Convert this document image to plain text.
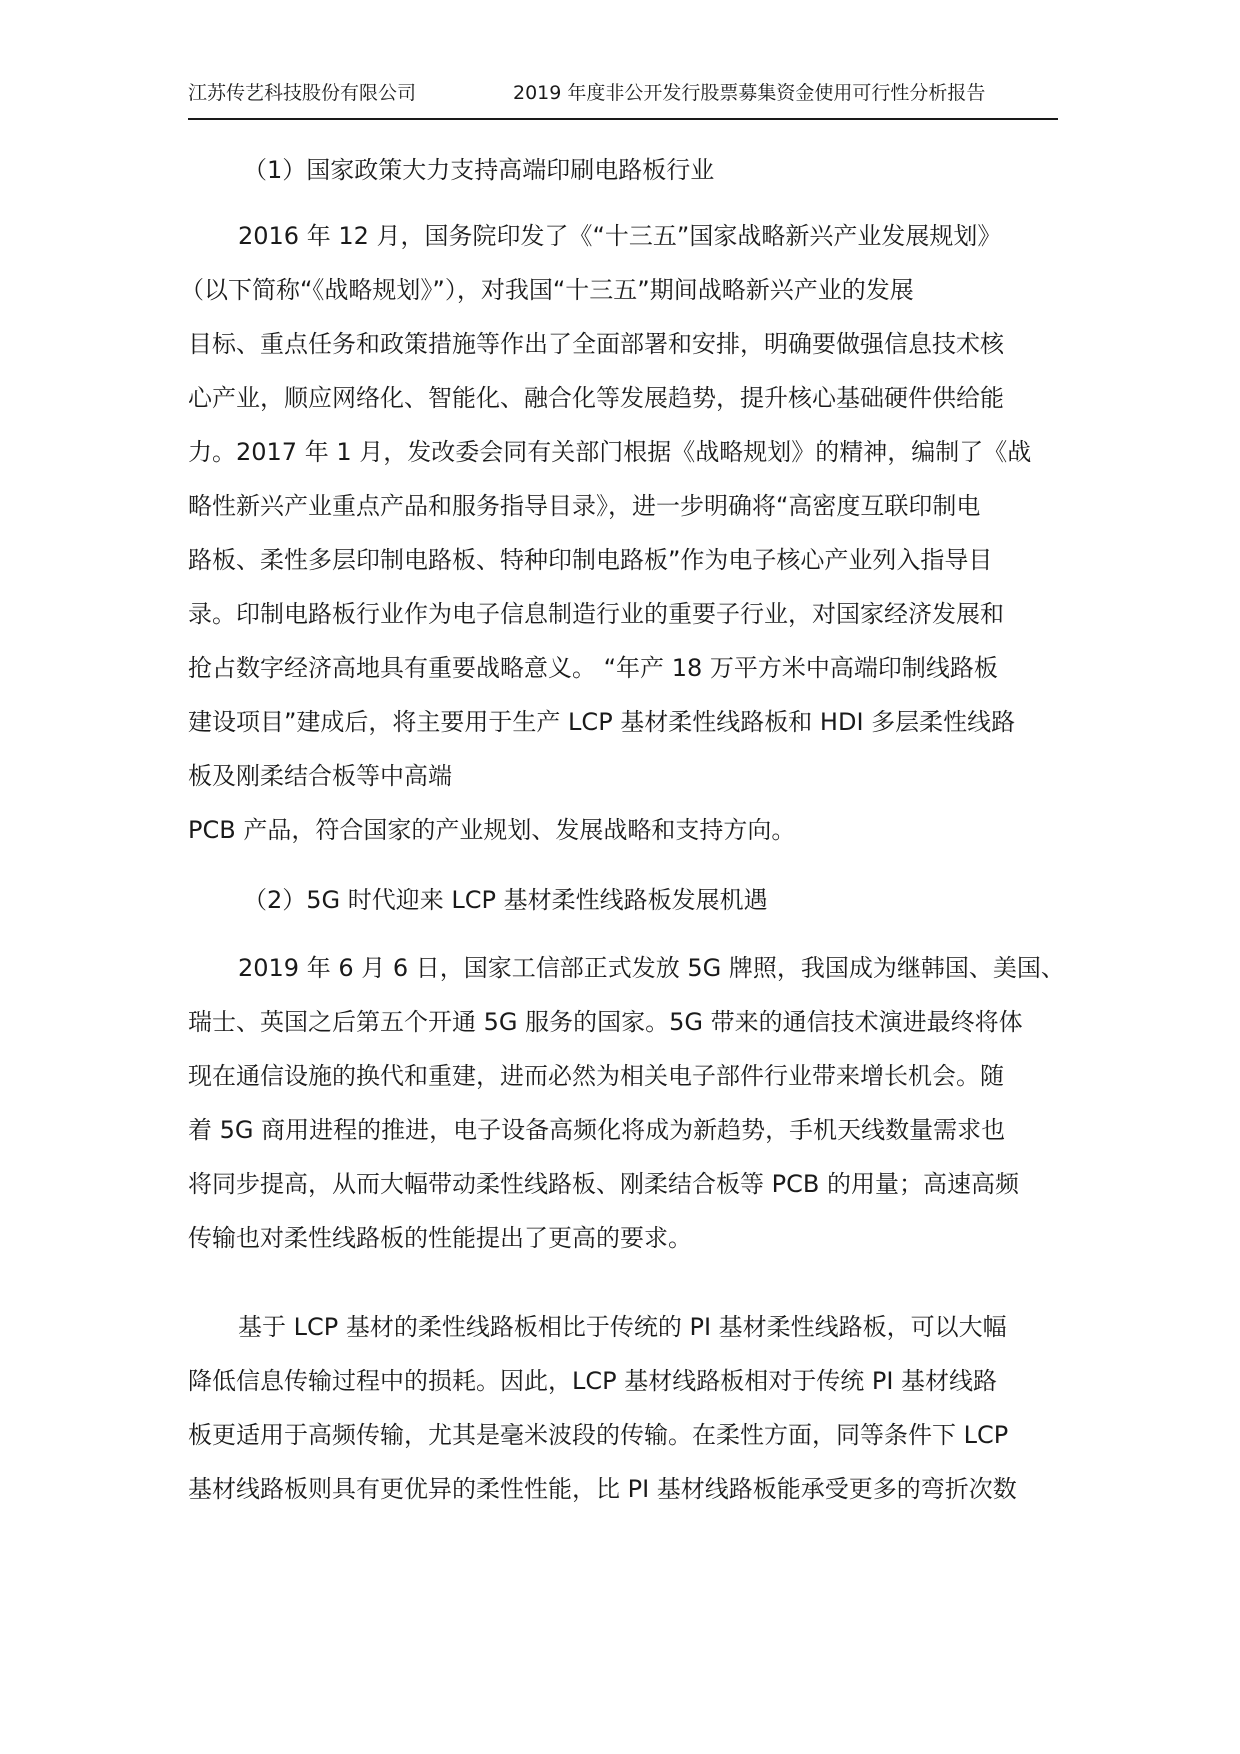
江苏传艺科技股份有限公司	2019 年度非公开发行股票募集资金使用可行性分析报告

（1）国家政策大力支持高端印刷电路板行业

2016 年 12 月，国务院印发了《“十三五”国家战略新兴产业发展规划》
（以下简称“《战略规划》”），对我国“十三五”期间战略新兴产业的发展
目标、重点任务和政策措施等作出了全面部署和安排，明确要做强信息技术核
心产业，顺应网络化、智能化、融合化等发展趋势，提升核心基础硬件供给能
力。2017 年 1 月，发改委会同有关部门根据《战略规划》的精神，编制了《战
略性新兴产业重点产品和服务指导目录》，进一步明确将“高密度互联印制电
路板、柔性多层印制电路板、特种印制电路板”作为电子核心产业列入指导目
录。印制电路板行业作为电子信息制造行业的重要子行业，对国家经济发展和
抢占数字经济高地具有重要战略意义。 “年产 18 万平方米中高端印制线路板
建设项目”建成后，将主要用于生产 LCP 基材柔性线路板和 HDI 多层柔性线路
板及刚柔结合板等中高端
PCB 产品，符合国家的产业规划、发展战略和支持方向。

（2）5G 时代迎来 LCP 基材柔性线路板发展机遇

2019 年 6 月 6 日，国家工信部正式发放 5G 牌照，我国成为继韩国、美国、
瑞士、英国之后第五个开通 5G 服务的国家。5G 带来的通信技术演进最终将体
现在通信设施的换代和重建，进而必然为相关电子部件行业带来增长机会。随
着 5G 商用进程的推进，电子设备高频化将成为新趋势，手机天线数量需求也
将同步提高，从而大幅带动柔性线路板、刚柔结合板等 PCB 的用量；高速高频
传输也对柔性线路板的性能提出了更高的要求。

基于 LCP 基材的柔性线路板相比于传统的 PI 基材柔性线路板，可以大幅
降低信息传输过程中的损耗。因此，LCP 基材线路板相对于传统 PI 基材线路
板更适用于高频传输，尤其是毫米波段的传输。在柔性方面，同等条件下 LCP
基材线路板则具有更优异的柔性性能，比 PI 基材线路板能承受更多的弯折次数
